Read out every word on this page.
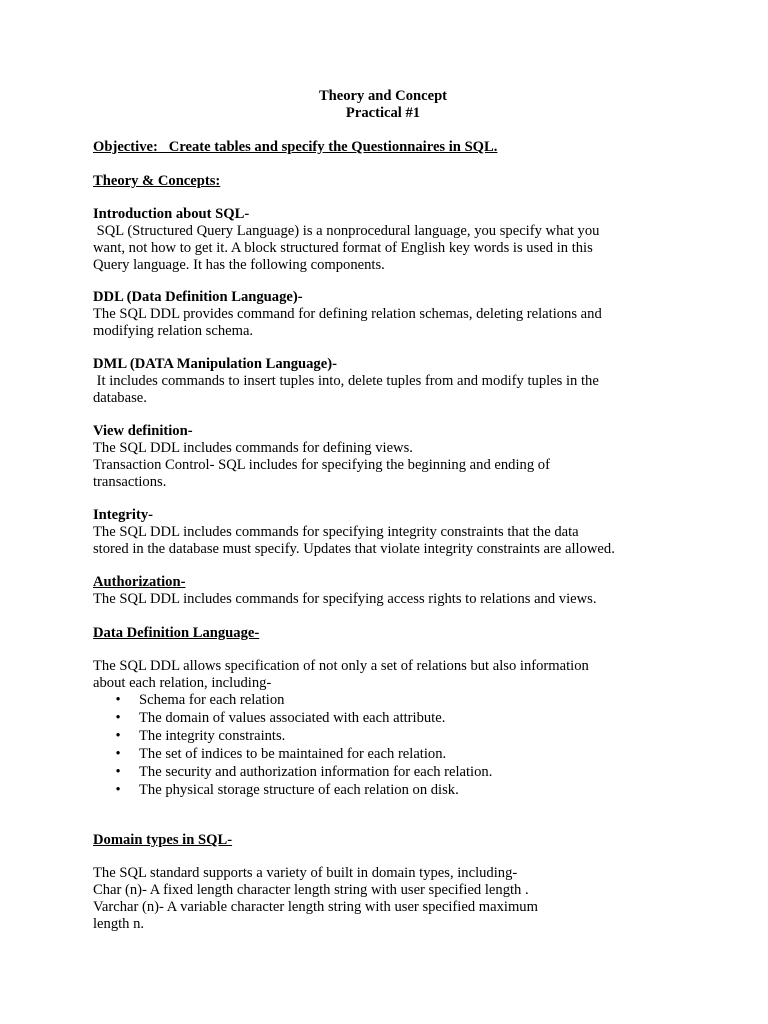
Theory and Concept
Practical #1
Objective:   Create tables and specify the Questionnaires in SQL.
Theory & Concepts:
Introduction about SQL-
SQL (Structured Query Language) is a nonprocedural language, you specify what you
want, not how to get it. A block structured format of English key words is used in this
Query language. It has the following components.
DDL (Data Definition Language)-
The SQL DDL provides command for defining relation schemas, deleting relations and
modifying relation schema.
DML (DATA Manipulation Language)-
It includes commands to insert tuples into, delete tuples from and modify tuples in the
database.
View definition-
The SQL DDL includes commands for defining views.
Transaction Control- SQL includes for specifying the beginning and ending of
transactions.
Integrity-
The SQL DDL includes commands for specifying integrity constraints that the data
stored in the database must specify. Updates that violate integrity constraints are allowed.
Authorization-
The SQL DDL includes commands for specifying access rights to relations and views.
Data Definition Language-
The SQL DDL allows specification of not only a set of relations but also information
about each relation, including-
• Schema for each relation
• The domain of values associated with each attribute.
• The integrity constraints.
• The set of indices to be maintained for each relation.
• The security and authorization information for each relation.
• The physical storage structure of each relation on disk.
Domain types in SQL-
The SQL standard supports a variety of built in domain types, including-
Char (n)- A fixed length character length string with user specified length .
Varchar (n)- A variable character length string with user specified maximum
length n.
